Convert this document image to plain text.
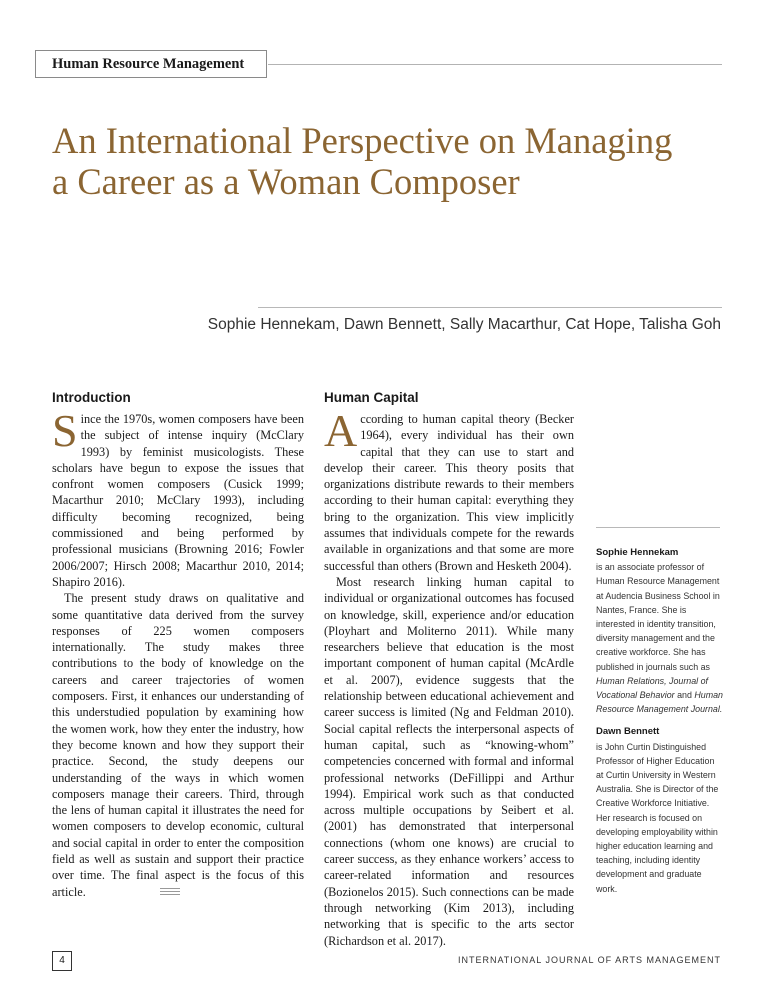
Human Resource Management
An International Perspective on Managing
a Career as a Woman Composer
Sophie Hennekam, Dawn Bennett, Sally Macarthur, Cat Hope, Talisha Goh
Introduction

Since the 1970s, women composers have been the subject of intense inquiry (McClary 1993) by feminist musicologists. These scholars have begun to expose the issues that confront women composers (Cusick 1999; Macarthur 2010; McClary 1993), including difficulty becoming recognized, being commissioned and being performed by professional musicians (Browning 2016; Fowler 2006/2007; Hirsch 2008; Macarthur 2010, 2014; Shapiro 2016).

The present study draws on qualitative and some quantitative data derived from the survey responses of 225 women composers internationally. The study makes three contributions to the body of knowledge on the careers and career trajectories of women composers. First, it enhances our understanding of this understudied population by examining how the women work, how they enter the industry, how they become known and how they support their practice. Second, the study deepens our understanding of the ways in which women composers manage their careers. Third, through the lens of human capital it illustrates the need for women composers to develop economic, cultural and social capital in order to enter the composition field as well as sustain and support their practice over time. The final aspect is the focus of this article.

Human Capital

According to human capital theory (Becker 1964), every individual has their own capital that they can use to start and develop their career. This theory posits that organizations distribute rewards to their members according to their human capital: everything they bring to the organization. This view implicitly assumes that individuals compete for the rewards available in organizations and that some are more successful than others (Brown and Hesketh 2004).

Most research linking human capital to individual or organizational outcomes has focused on knowledge, skill, experience and/or education (Ployhart and Moliterno 2011). While many researchers believe that education is the most important component of human capital (McArdle et al. 2007), evidence suggests that the relationship between educational achievement and career success is limited (Ng and Feldman 2010). Social capital reflects the interpersonal aspects of human capital, such as “knowing-whom” competencies concerned with formal and informal professional networks (DeFillippi and Arthur 1994). Empirical work such as that conducted across multiple occupations by Seibert et al. (2001) has demonstrated that interpersonal connections (whom one knows) are crucial to career success, as they enhance workers’ access to career-related information and resources (Bozionelos 2015). Such connections can be made through networking (Kim 2013), including networking that is specific to the arts sector (Richardson et al. 2017).

Sophie Hennekam

is an associate professor of Human Resource Management at Audencia Business School in Nantes, France. She is interested in identity transition, diversity management and the creative workforce. She has published in journals such as Human Relations, Journal of Vocational Behavior and Human Resource Management Journal.

Dawn Bennett

is John Curtin Distinguished Professor of Higher Education at Curtin University in Western Australia. She is Director of the Creative Workforce Initiative. Her research is focused on developing employability within higher education learning and teaching, including identity development and graduate work.

4	INTERNATIONAL JOURNAL OF ARTS MANAGEMENT
